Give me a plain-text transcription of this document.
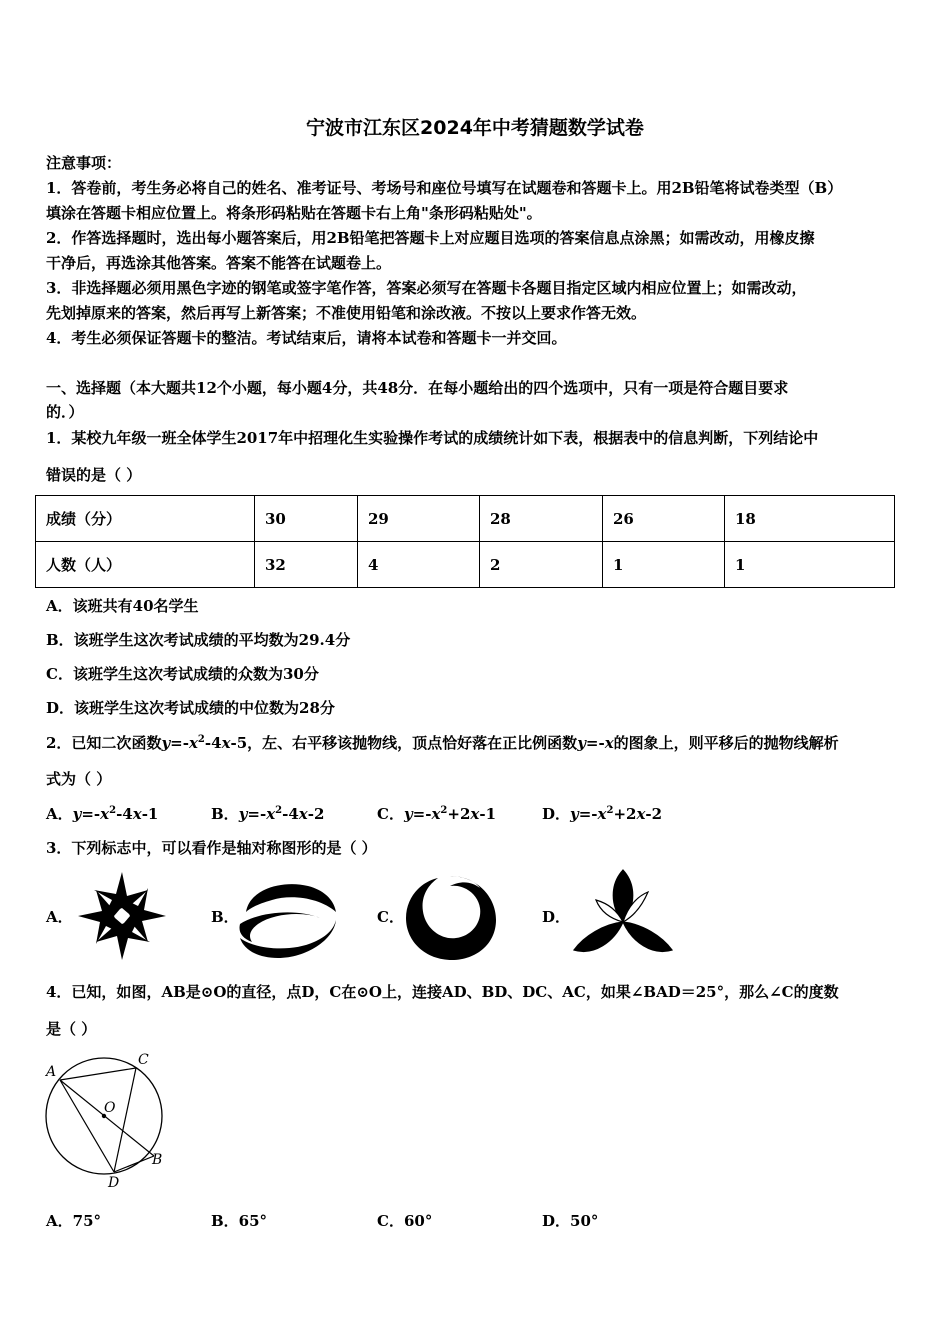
宁波市江东区2024年中考猜题数学试卷
注意事项：
1．答卷前，考生务必将自己的姓名、准考证号、考场号和座位号填写在试题卷和答题卡上。用2B铅笔将试卷类型（B）
填涂在答题卡相应位置上。将条形码粘贴在答题卡右上角"条形码粘贴处"。
2．作答选择题时，选出每小题答案后，用2B铅笔把答题卡上对应题目选项的答案信息点涂黑；如需改动，用橡皮擦
干净后，再选涂其他答案。答案不能答在试题卷上。
3．非选择题必须用黑色字迹的钢笔或签字笔作答，答案必须写在答题卡各题目指定区域内相应位置上；如需改动，
先划掉原来的答案，然后再写上新答案；不准使用铅笔和涂改液。不按以上要求作答无效。
4．考生必须保证答题卡的整洁。考试结束后，请将本试卷和答题卡一并交回。
一、选择题（本大题共12个小题，每小题4分，共48分．在每小题给出的四个选项中，只有一项是符合题目要求
的．）
1．某校九年级一班全体学生2017年中招理化生实验操作考试的成绩统计如下表，根据表中的信息判断，下列结论中
错误的是（ ）
成绩（分）	30	29	28	26	18
人数（人）	32	4	2	1	1
A．该班共有40名学生
B．该班学生这次考试成绩的平均数为29.4分
C．该班学生这次考试成绩的众数为30分
D．该班学生这次考试成绩的中位数为28分
2．已知二次函数$y=-x^2-4x-5$，左、右平移该抛物线，顶点恰好落在正比例函数y=-x的图象上，则平移后的抛物线解析
式为（ ）
A．$y=-x^2-4x-1$	B．$y=-x^2-4x-2$	C．$y=-x^2+2x-1$	D．$y=-x^2+2x-2$
3．下列标志中，可以看作是轴对称图形的是（ ）
A．	B．	C．	D．
4．已知，如图，AB是⊙O的直径，点D，C在⊙O上，连接AD、BD、DC、AC，如果∠BAD＝25°，那么∠C的度数
是（ ）
A
C
O
B
D
A．75°	B．65°	C．60°	D．50°
